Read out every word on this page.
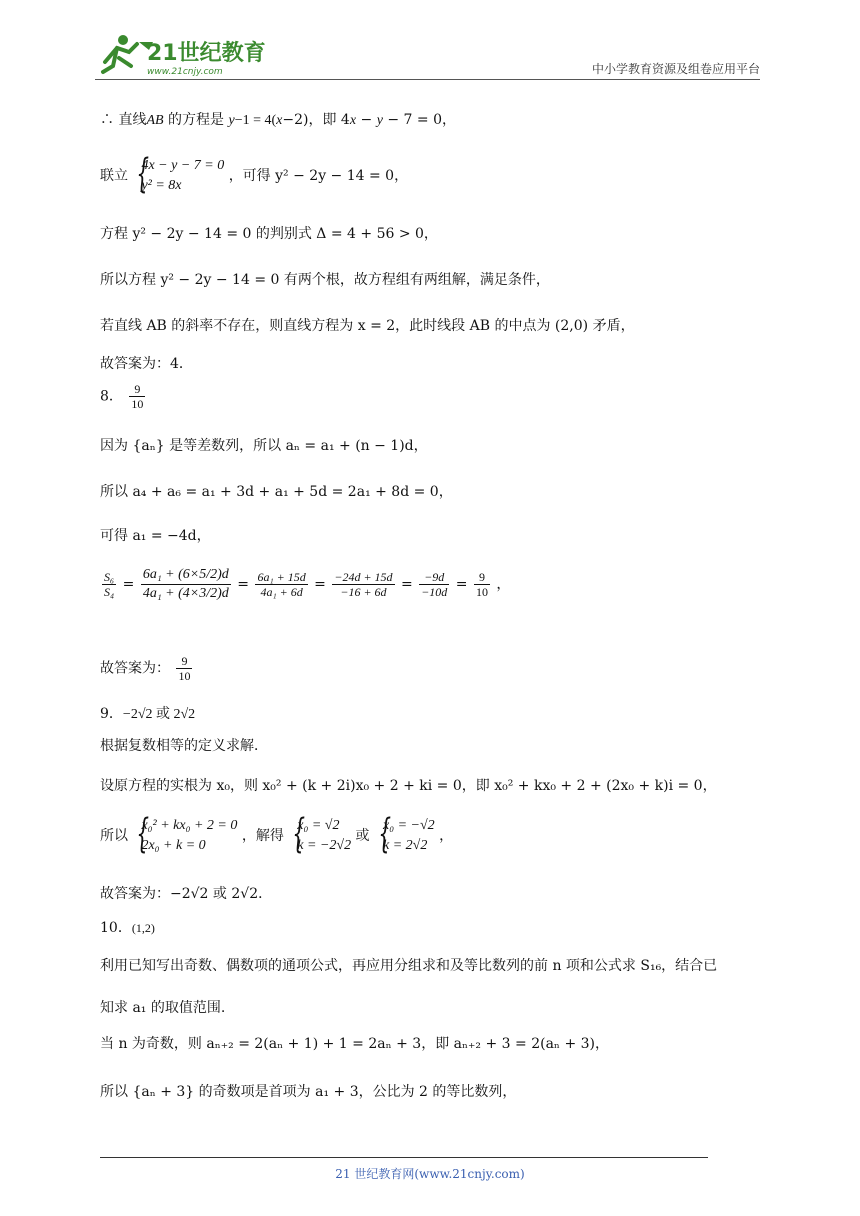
21世纪教育
www.21cnjy.com	中小学教育资源及组卷应用平台
∴ 直线AB 的方程是 y−1 = 4(x−2)，即 4x − y − 7 = 0，
联立
{ 4x − y − 7 = 0
y² = 8x
，可得 y² − 2y − 14 = 0，
方程 y² − 2y − 14 = 0 的判别式 Δ = 4 + 56 > 0，
所以方程 y² − 2y − 14 = 0 有两个根，故方程组有两组解，满足条件，
若直线 AB 的斜率不存在，则直线方程为 x = 2，此时线段 AB 的中点为 (2,0) 矛盾，
故答案为：4．
8． $\frac{9}{10}$
因为 {aₙ} 是等差数列，所以 aₙ = a₁ + (n − 1)d，
所以 a₄ + a₆ = a₁ + 3d + a₁ + 5d = 2a₁ + 8d = 0，
可得 a₁ = −4d，
$\frac{\text{S₆}}{\text{S₄}} = \frac{\text{6a₁ + (6×5/2)d}}{\text{4a₁ + (4×3/2)d}} = \frac{\text{6a₁ + 15d}}{\text{4a₁ + 6d}} = \frac{-24d + 15d}{-16 + 6d} = \frac{-9d}{-10d} = \frac{9}{10}$ ，
故答案为： $\frac{9}{10}$
9．−2√2 或 2√2
根据复数相等的定义求解．
设原方程的实根为 x₀，则 x₀² + (k + 2i)x₀ + 2 + ki = 0，即 x₀² + kx₀ + 2 + (2x₀ + k)i = 0，
所以
{ x₀² + kx₀ + 2 = 0
2x₀ + k = 0
，解得
{ x₀ = √2
k = −2√2
或
{ x₀ = −√2
k = 2√2
，
故答案为：−2√2 或 2√2．
10．(1,2)
利用已知写出奇数、偶数项的通项公式，再应用分组求和及等比数列的前 n 项和公式求 S₁₆，结合已
知求 a₁ 的取值范围.
当 n 为奇数，则 aₙ₊₂ = 2(aₙ + 1) + 1 = 2aₙ + 3，即 aₙ₊₂ + 3 = 2(aₙ + 3)，
所以 {aₙ + 3} 的奇数项是首项为 a₁ + 3，公比为 2 的等比数列，
21 世纪教育网(www.21cnjy.com)
